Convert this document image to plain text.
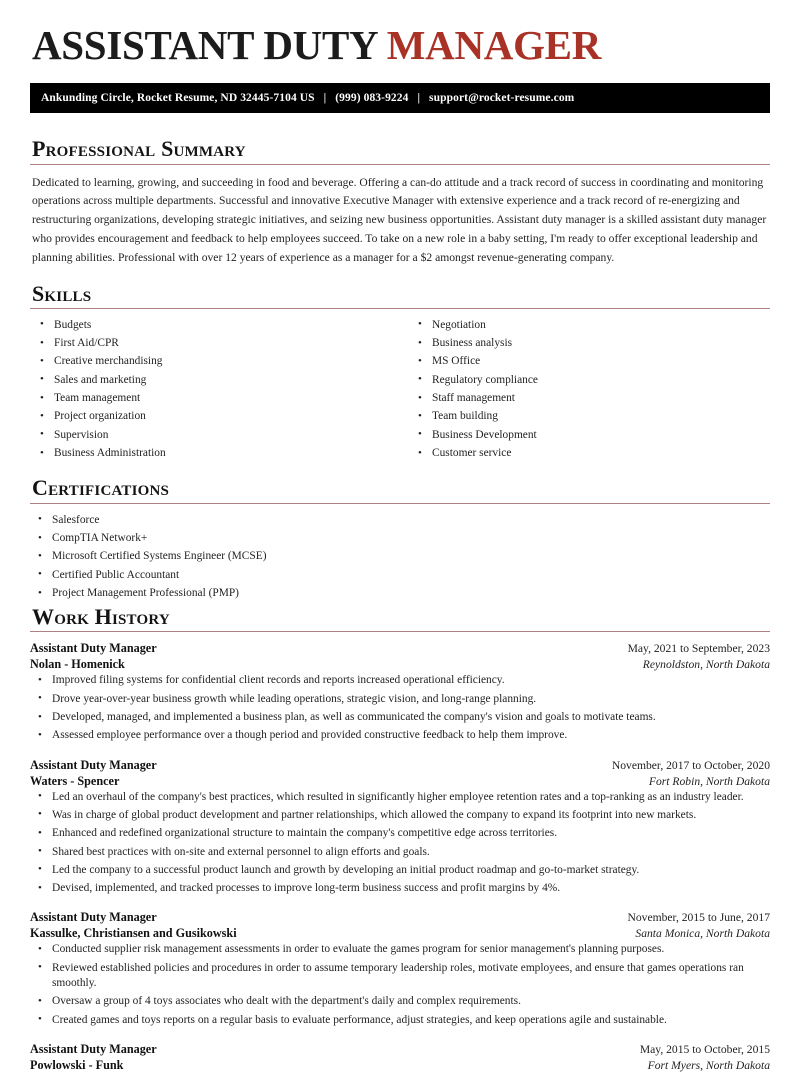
ASSISTANT DUTY MANAGER
Ankunding Circle, Rocket Resume, ND 32445-7104 US | (999) 083-9224 | support@rocket-resume.com
Professional Summary

Dedicated to learning, growing, and succeeding in food and beverage. Offering a can-do attitude and a track record of success in coordinating and monitoring operations across multiple departments. Successful and innovative Executive Manager with extensive experience and a track record of re-energizing and restructuring organizations, developing strategic initiatives, and seizing new business opportunities. Assistant duty manager is a skilled assistant duty manager who provides encouragement and feedback to help employees succeed. To take on a new role in a baby setting, I'm ready to offer exceptional leadership and planning abilities. Professional with over 12 years of experience as a manager for a $2 amongst revenue-generating company.

Skills
• Budgets
• First Aid/CPR
• Creative merchandising
• Sales and marketing
• Team management
• Project organization
• Supervision
• Business Administration
• Negotiation
• Business analysis
• MS Office
• Regulatory compliance
• Staff management
• Team building
• Business Development
• Customer service
Certifications
• Salesforce
• CompTIA Network+
• Microsoft Certified Systems Engineer (MCSE)
• Certified Public Accountant
• Project Management Professional (PMP)
Work History
Assistant Duty Manager	May, 2021 to September, 2023
Nolan - Homenick	Reynoldston, North Dakota
• Improved filing systems for confidential client records and reports increased operational efficiency.
• Drove year-over-year business growth while leading operations, strategic vision, and long-range planning.
• Developed, managed, and implemented a business plan, as well as communicated the company's vision and goals to motivate teams.
• Assessed employee performance over a though period and provided constructive feedback to help them improve.
Assistant Duty Manager	November, 2017 to October, 2020
Waters - Spencer	Fort Robin, North Dakota
• Led an overhaul of the company's best practices, which resulted in significantly higher employee retention rates and a top-ranking as an industry leader.
• Was in charge of global product development and partner relationships, which allowed the company to expand its footprint into new markets.
• Enhanced and redefined organizational structure to maintain the company's competitive edge across territories.
• Shared best practices with on-site and external personnel to align efforts and goals.
• Led the company to a successful product launch and growth by developing an initial product roadmap and go-to-market strategy.
• Devised, implemented, and tracked processes to improve long-term business success and profit margins by 4%.
Assistant Duty Manager	November, 2015 to June, 2017
Kassulke, Christiansen and Gusikowski	Santa Monica, North Dakota
• Conducted supplier risk management assessments in order to evaluate the games program for senior management's planning purposes.
• Reviewed established policies and procedures in order to assume temporary leadership roles, motivate employees, and ensure that games operations ran smoothly.
• Oversaw a group of 4 toys associates who dealt with the department's daily and complex requirements.
• Created games and toys reports on a regular basis to evaluate performance, adjust strategies, and keep operations agile and sustainable.
Assistant Duty Manager	May, 2015 to October, 2015
Powlowski - Funk	Fort Myers, North Dakota
